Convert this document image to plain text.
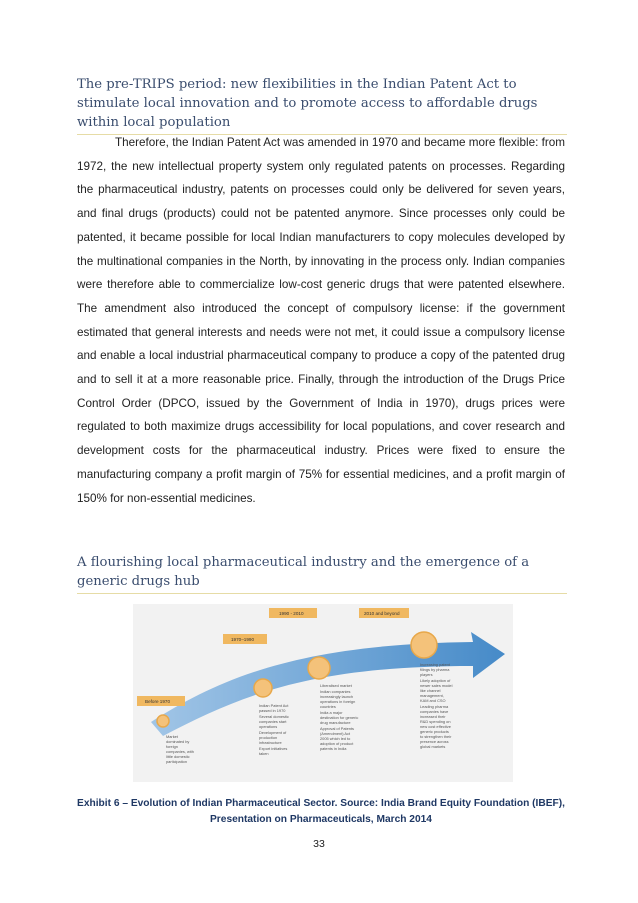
The pre-TRIPS period: new flexibilities in the Indian Patent Act to stimulate local innovation and to promote access to affordable drugs within local population
Therefore, the Indian Patent Act was amended in 1970 and became more flexible: from 1972, the new intellectual property system only regulated patents on processes. Regarding the pharmaceutical industry, patents on processes could only be delivered for seven years, and final drugs (products) could not be patented anymore. Since processes only could be patented, it became possible for local Indian manufacturers to copy molecules developed by the multinational companies in the North, by innovating in the process only. Indian companies were therefore able to commercialize low-cost generic drugs that were patented elsewhere. The amendment also introduced the concept of compulsory license: if the government estimated that general interests and needs were not met, it could issue a compulsory license and enable a local industrial pharmaceutical company to produce a copy of the patented drug and to sell it at a more reasonable price. Finally, through the introduction of the Drugs Price Control Order (DPCO, issued by the Government of India in 1970), drugs prices were regulated to both maximize drugs accessibility for local populations, and cover research and development costs for the pharmaceutical industry. Prices were fixed to ensure the manufacturing company a profit margin of 75% for essential medicines, and a profit margin of 150% for non-essential medicines.
A flourishing local pharmaceutical industry and the emergence of a generic drugs hub
Before 1970
1970–1990
1990 - 2010	2010 and beyond
Market
dominated by
foreign
companies, with
little domestic
participation
Indian Patent Act
passed in 1970
Several domestic
companies start
operations
Development of
production
infrastructure
Export initiatives
taken
Liberalised market
Indian companies
increasingly launch
operations in foreign
countries
India a major
destination for generic
drug manufacture
Approval of Patents
(Amendment) Act
2005 which led to
adoption of product
patents in India
Increasing patent
filings by pharma
players
Likely adoption of
newer sales model
like channel
management,
KAM and CSO
Leading pharma
companies have
increased their
R&D spending on
new cost effective
generic products
to strengthen their
presence across
global markets
Exhibit 6 – Evolution of Indian Pharmaceutical Sector. Source: India Brand Equity Foundation (IBEF),
Presentation on Pharmaceuticals, March 2014
33
